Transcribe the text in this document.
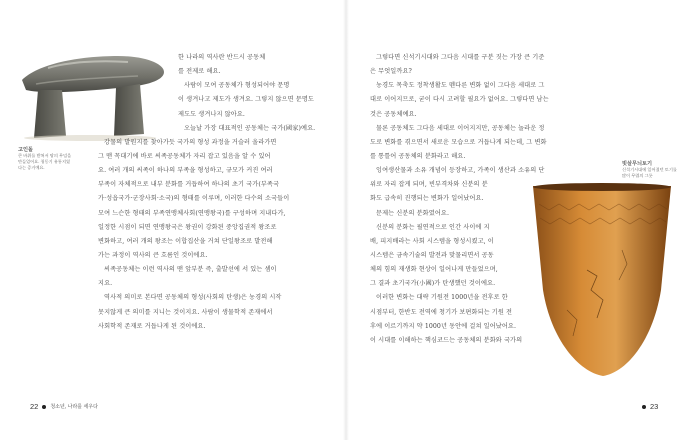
고인돌
큰 바위를 받쳐서 땅의 무덤을
만들었어요. 청동기 유통지였
다는 증거예요.
한 나라의 역사란 반드시 공동체
를 전제로 해요.
사람이 모여 공동체가 형성되어야 문명
이 생겨나고 제도가 생겨요. 그렇지 않으면 문명도
제도도 생겨나지 않아요.
오늘날 가장 대표적인 공동체는 국가(國家)예요.
강물의 발원지를 찾아가듯 국가의 형성 과정을 거슬러 올라가면
그 맨 꼭대기에 바로 씨족공동체가 자리 잡고 있음을 알 수 있어
요. 여러 개의 씨족이 하나의 부족을 형성하고, 규모가 커진 여러
부족이 자체적으로 내부 분화를 거듭하여 하나의 초기 국가(부족국
가·성읍국가·군장사회·소국)의 형태를 이루며, 이러한 다수의 소국들이
모여 느슨한 형태의 부족연맹체사회(연맹왕국)를 구성하며 지내다가,
일정한 시점이 되면 연맹왕국은 왕권이 강화된 중앙집권적 왕조로
변화하고, 여러 개의 왕조는 이합집산을 거쳐 단일왕조로 발전해
가는 과정이 역사의 큰 흐름인 것이에요.
씨족공동체는 이런 역사의 맨 앞부분 즉, 출발선에 서 있는 셈이
지요.
역사적 의미로 본다면 공동체의 형성(사회의 탄생)은 농경의 시작
못지않게 큰 의미를 지니는 것이지요. 사람이 생물학적 존재에서
사회학적 존재로 거듭나게 된 것이에요.
빗살무늬토기
신석기시대에 일어졌던 토기를
많이 무렵의 그릇
그렇다면 신석기시대와 그다음 시대를 구분 짓는 가장 큰 기준
은 무엇일까요?
농경도 목축도 정착생활도 뗀다른 변화 없이 그다음 세대로 그
대로 이어지므로, 굳이 다시 고려할 필요가 없어요. 그렇다면 남는
것은 공동체예요.
물론 공동체도 그다음 세대로 이어지지만, 공동체는 놀라운 정
도로 변화를 겪으면서 새로운 모습으로 거듭나게 되는데, 그 변화
를 통틀어 공동체의 분화라고 해요.
잉여생산물과 소유 개념이 등장하고, 가족이 생산과 소유의 단
위로 자리 잡게 되며, 빈부격차와 신분의 분
화도 급속히 진행되는 변화가 일어났어요.
문제는 신분의 분화였어요.
신분의 분화는 필연적으로 인간 사이에 지
배, 피지배라는 사회 시스템을 형성시켰고, 이
시스템은 금속기술의 발전과 맞물리면서 공동
체의 힘의 재생화 현상이 일어나게 만들었으며,
그 결과 초기국가(小國)가 탄생했던 것이에요.
이러한 변화는 대략 기원전 1000년을 전후로 한
시점부터, 한반도 전역에 청기가 보편화되는 기원 전
후에 이르기까지 약 1000년 동안에 걸쳐 일어났어요.
이 시대를 이해하는 핵심코드는 공동체의 분화와 국가의
22 청소년, 나라를 세우다	23
